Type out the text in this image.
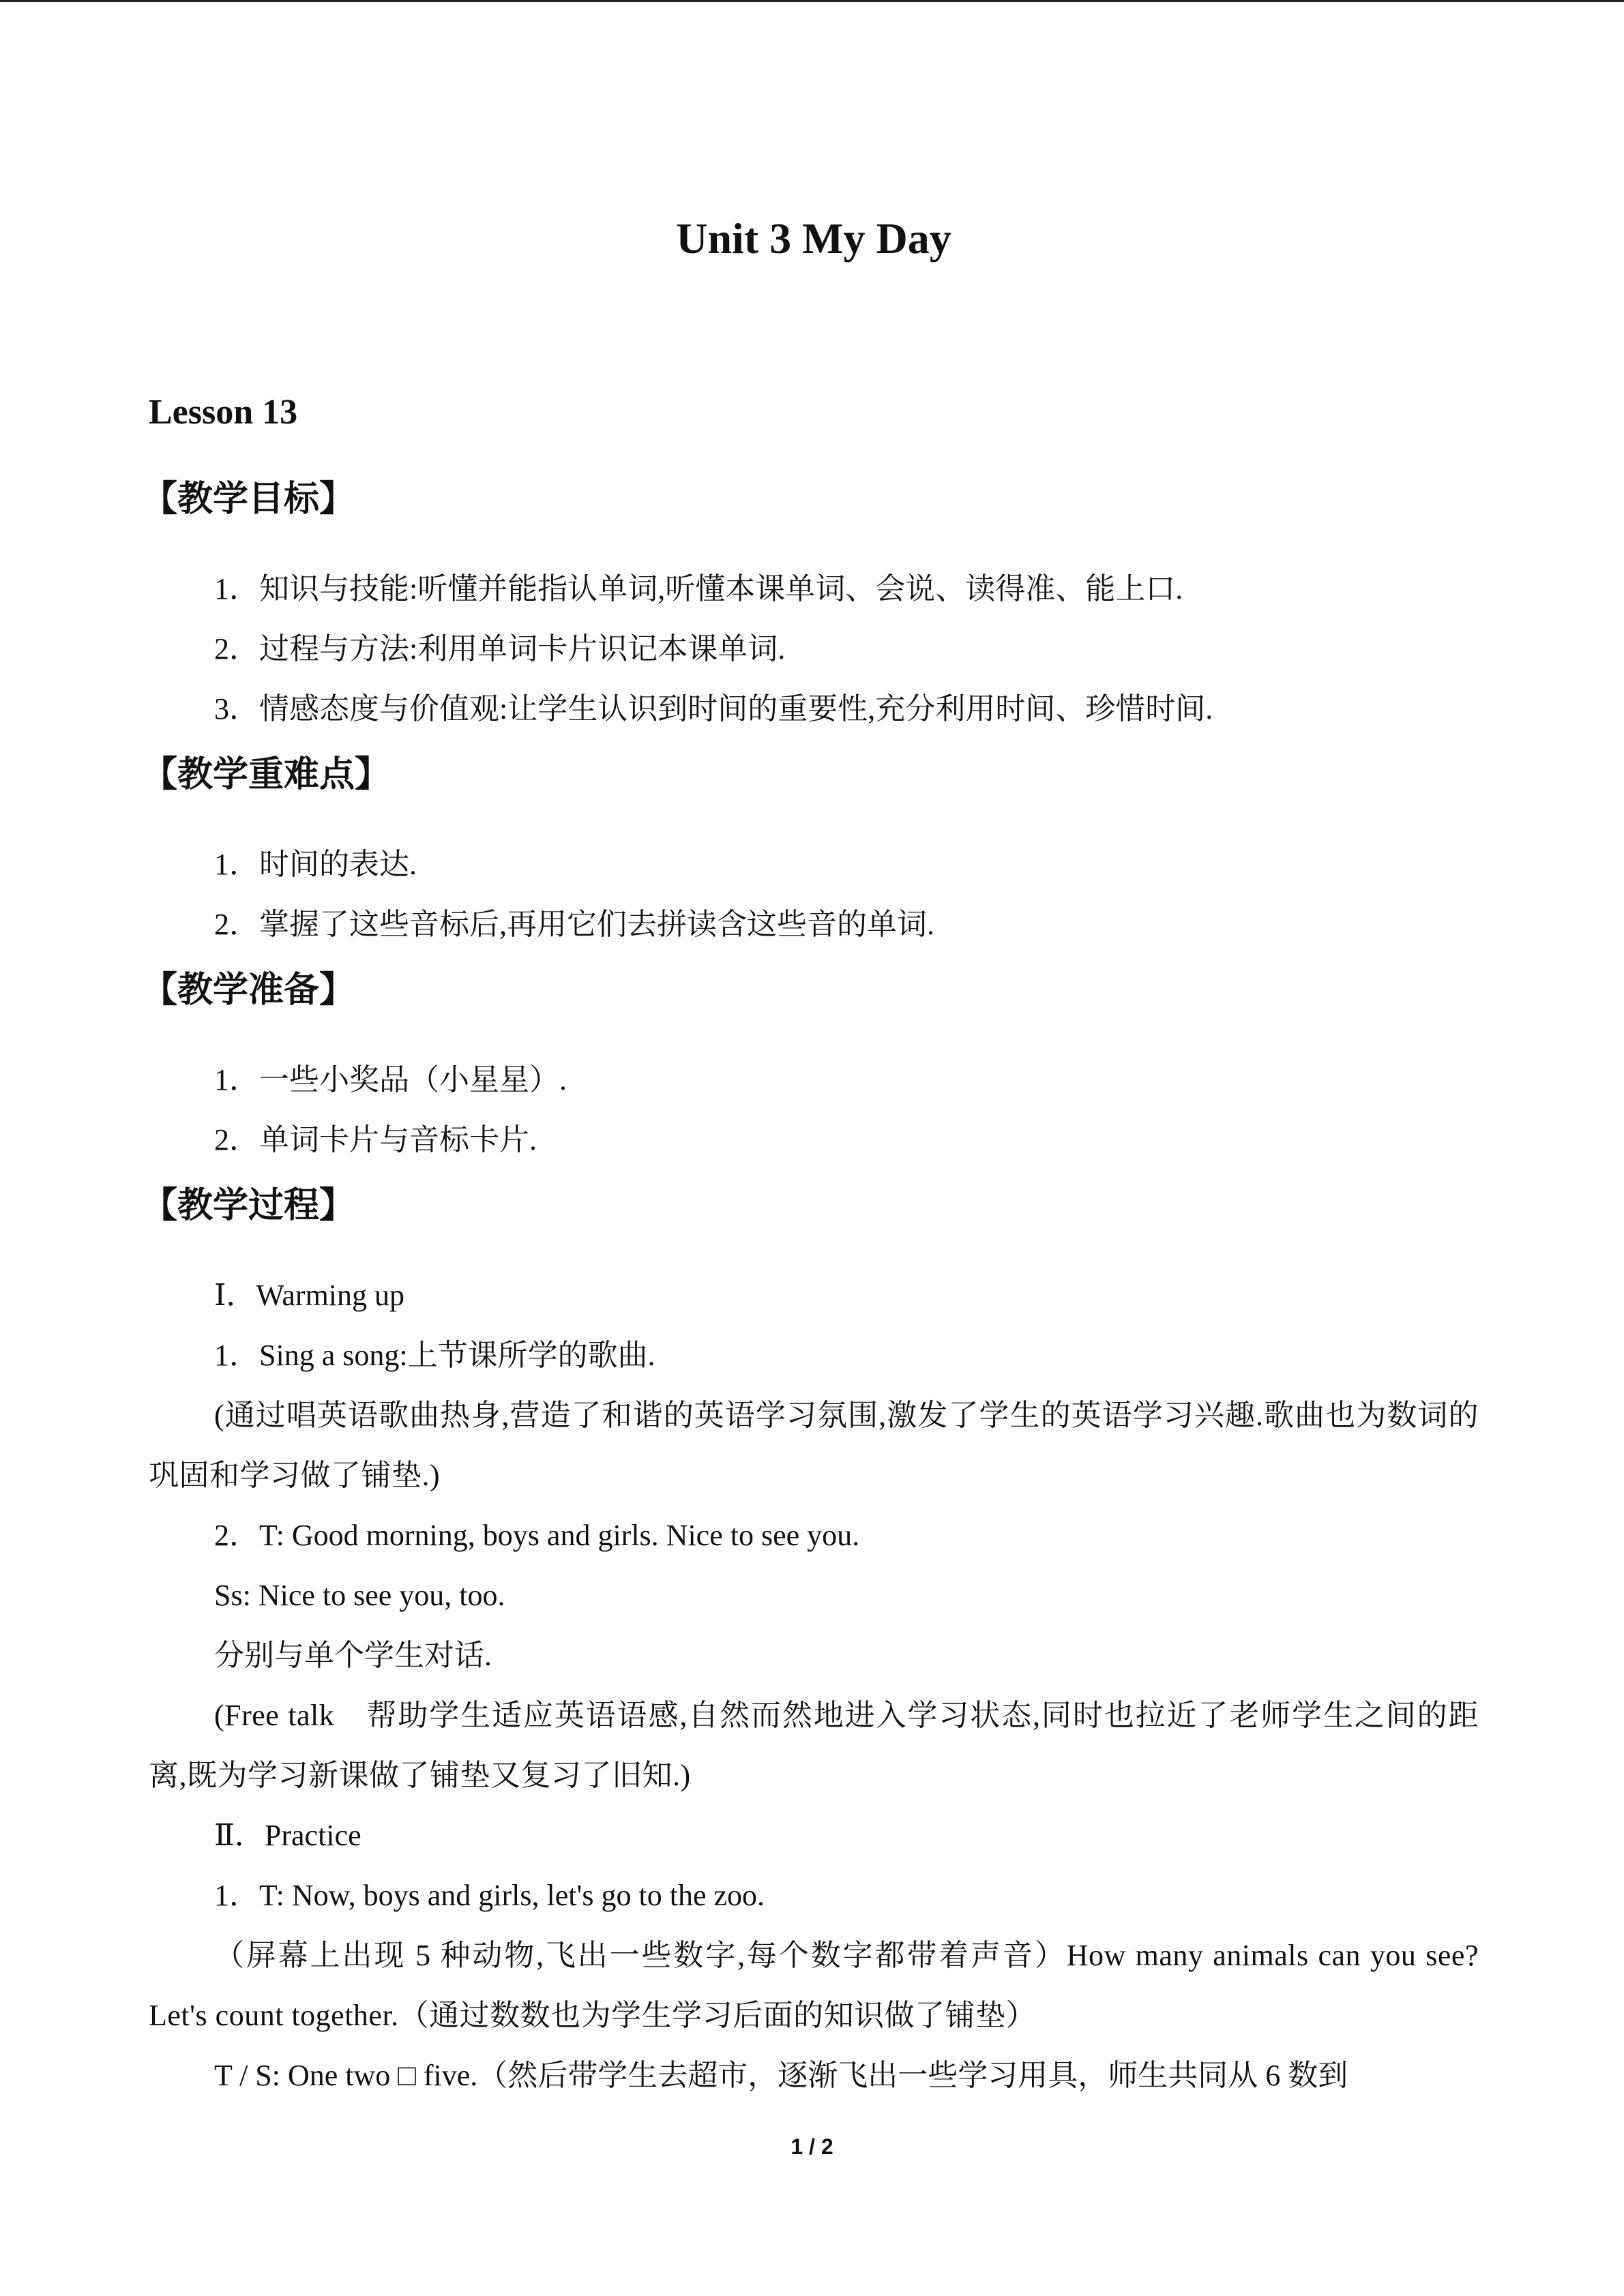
Unit 3 My Day
Lesson 13
【教学目标】
1．知识与技能:听懂并能指认单词,听懂本课单词、会说、读得准、能上口.
2．过程与方法:利用单词卡片识记本课单词.
3．情感态度与价值观:让学生认识到时间的重要性,充分利用时间、珍惜时间.
【教学重难点】
1．时间的表达.
2．掌握了这些音标后,再用它们去拼读含这些音的单词.
【教学准备】
1．一些小奖品（小星星）.
2．单词卡片与音标卡片.
【教学过程】
Ⅰ．Warming up
1．Sing a song:上节课所学的歌曲.
(通过唱英语歌曲热身,营造了和谐的英语学习氛围,激发了学生的英语学习兴趣.歌曲也为数词的巩固和学习做了铺垫.)
2．T: Good morning, boys and girls. Nice to see you.
Ss: Nice to see you, too.
分别与单个学生对话.
(Free talk　帮助学生适应英语语感,自然而然地进入学习状态,同时也拉近了老师学生之间的距离,既为学习新课做了铺垫又复习了旧知.)
Ⅱ．Practice
1．T: Now, boys and girls, let's go to the zoo.
（屏幕上出现 5 种动物,飞出一些数字,每个数字都带着声音）How many animals can you see? Let's count together.（通过数数也为学生学习后面的知识做了铺垫）
T / S: One two □ five.（然后带学生去超市，逐渐飞出一些学习用具，师生共同从 6 数到
1 / 2
